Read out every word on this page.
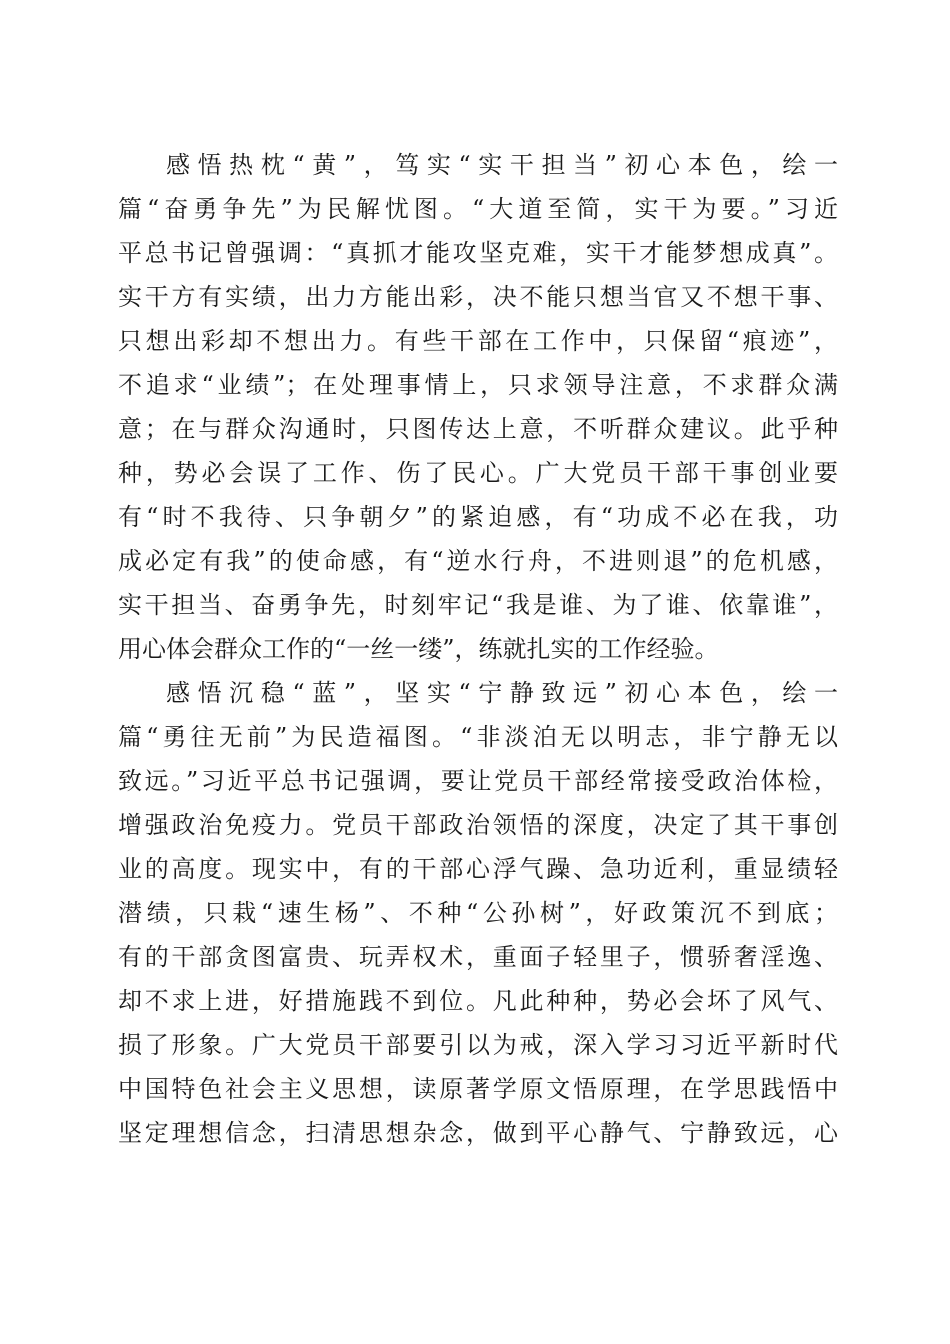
感悟热枕“黄”，笃实“实干担当”初心本色，绘一
篇“奋勇争先”为民解忧图。“大道至简，实干为要。”习近
平总书记曾强调：“真抓才能攻坚克难，实干才能梦想成真”。
实干方有实绩，出力方能出彩，决不能只想当官又不想干事、
只想出彩却不想出力。有些干部在工作中，只保留“痕迹”，
不追求“业绩”；在处理事情上，只求领导注意，不求群众满
意；在与群众沟通时，只图传达上意，不听群众建议。此乎种
种，势必会误了工作、伤了民心。广大党员干部干事创业要
有“时不我待、只争朝夕”的紧迫感，有“功成不必在我，功
成必定有我”的使命感，有“逆水行舟，不进则退”的危机感，
实干担当、奋勇争先，时刻牢记“我是谁、为了谁、依靠谁”，
用心体会群众工作的“一丝一缕”，练就扎实的工作经验。
感悟沉稳“蓝”，坚实“宁静致远”初心本色，绘一
篇“勇往无前”为民造福图。“非淡泊无以明志，非宁静无以
致远。”习近平总书记强调，要让党员干部经常接受政治体检，
增强政治免疫力。党员干部政治领悟的深度，决定了其干事创
业的高度。现实中，有的干部心浮气躁、急功近利，重显绩轻
潜绩，只栽“速生杨”、不种“公孙树”，好政策沉不到底；
有的干部贪图富贵、玩弄权术，重面子轻里子，惯骄奢淫逸、
却不求上进，好措施践不到位。凡此种种，势必会坏了风气、
损了形象。广大党员干部要引以为戒，深入学习习近平新时代
中国特色社会主义思想，读原著学原文悟原理，在学思践悟中
坚定理想信念，扫清思想杂念，做到平心静气、宁静致远，心
